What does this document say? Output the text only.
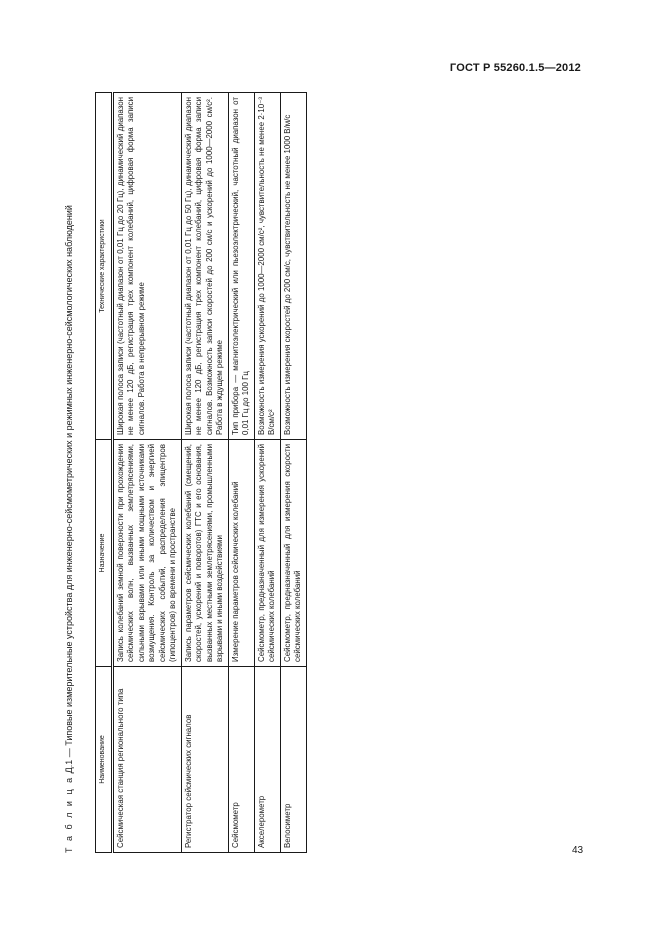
ГОСТ Р 55260.1.5—2012
Т а б л и ц а Д.1 — Типовые измерительные устройства для инженерно-сейсмометрических и режимных инженерно-сейсмологических наблюдений	Наименование	Назначение	Технические характеристики
Сейсмическая станция регионального типа	Запись колебаний земной поверхности при прохождении сейсмических волн, вызванных землетрясениями, сильными взрывами или иными мощными источниками возмущения. Контроль за количеством и энергией сейсмических событий, распределения эпицентров (гипоцентров) во времени и пространстве	Широкая полоса записи (частотный диапазон от 0,01 Гц до 20 Гц), динамический диапазон не менее 120 дБ, регистрация трех компонент колебаний, цифровая форма записи сигналов. Работа в непрерывном режиме
Регистратор сейсмических сигналов	Запись параметров сейсмических колебаний (смещений, скоростей, ускорений и поворотов) ГТС и его основания, вызванных местными землетрясениями, промышленными взрывами и иными воздействиями	Широкая полоса записи (частотный диапазон от 0,01 Гц до 50 Гц), динамический диапазон не менее 120 дБ, регистрация трех компонент колебаний, цифровая форма записи сигналов. Возможность записи скоростей до 200 см/с и ускорений до 1000—2000 см/с². Работа в ждущем режиме
Сейсмометр	Измерение параметров сейсмических колебаний	Тип прибора — магнитоэлектрический или пьезоэлектрический, частотный диапазон от 0,01 Гц до 100 Гц
Акселерометр	Сейсмометр, предназначенный для измерения ускорений сейсмических колебаний	Возможность измерения ускорений до 1000—2000 см/с², чувствительность не менее 2·10⁻³ В/см/с²
Велосиметр	Сейсмометр, предназначенный для измерения скорости сейсмических колебаний	Возможность измерения скоростей до 200 см/с, чувствительность не менее 1000 В/м/с
43
